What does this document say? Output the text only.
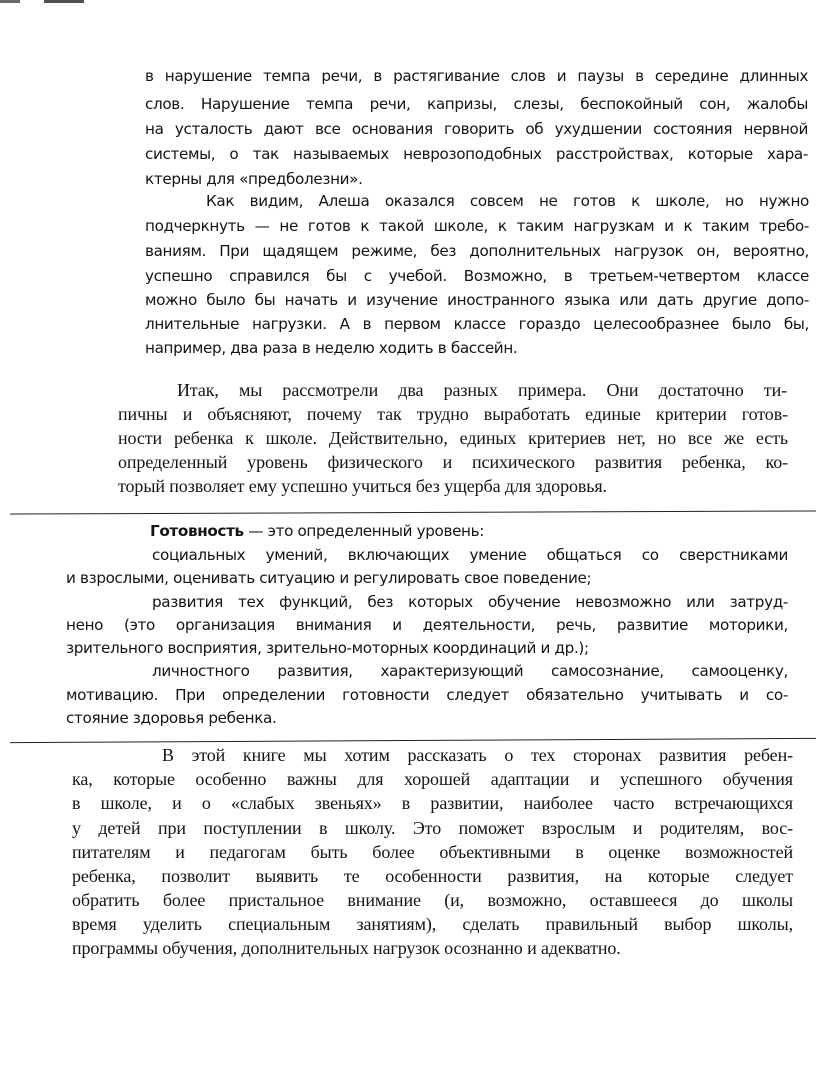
в нарушение темпа речи, в растягивание слов и паузы в середине длинных
слов. Нарушение темпа речи, капризы, слезы, беспокойный сон, жалобы
на усталость дают все основания говорить об ухудшении состояния нервной
системы, о так называемых неврозоподобных расстройствах, которые хара-
ктерны для «предболезни».
Как видим, Алеша оказался совсем не готов к школе, но нужно
подчеркнуть — не готов к такой школе, к таким нагрузкам и к таким требо-
ваниям. При щадящем режиме, без дополнительных нагрузок он, вероятно,
успешно справился бы с учебой. Возможно, в третьем-четвертом классе
можно было бы начать и изучение иностранного языка или дать другие допо-
лнительные нагрузки. А в первом классе гораздо целесообразнее было бы,
например, два раза в неделю ходить в бассейн.
Итак, мы рассмотрели два разных примера. Они достаточно ти-
пичны и объясняют, почему так трудно выработать единые критерии готов-
ности ребенка к школе. Действительно, единых критериев нет, но все же есть
определенный уровень физического и психического развития ребенка, ко-
торый позволяет ему успешно учиться без ущерба для здоровья.
Готовность — это определенный уровень:
социальных умений, включающих умение общаться со сверстниками
и взрослыми, оценивать ситуацию и регулировать свое поведение;
развития тех функций, без которых обучение невозможно или затруд-
нено (это организация внимания и деятельности, речь, развитие моторики,
зрительного восприятия, зрительно-моторных координаций и др.);
личностного развития, характеризующий самосознание, самооценку,
мотивацию. При определении готовности следует обязательно учитывать и со-
стояние здоровья ребенка.
В этой книге мы хотим рассказать о тех сторонах развития ребен-
ка, которые особенно важны для хорошей адаптации и успешного обучения
в школе, и о «слабых звеньях» в развитии, наиболее часто встречающихся
у детей при поступлении в школу. Это поможет взрослым и родителям, вос-
питателям и педагогам быть более объективными в оценке возможностей
ребенка, позволит выявить те особенности развития, на которые следует
обратить более пристальное внимание (и, возможно, оставшееся до школы
время уделить специальным занятиям), сделать правильный выбор школы,
программы обучения, дополнительных нагрузок осознанно и адекватно.
